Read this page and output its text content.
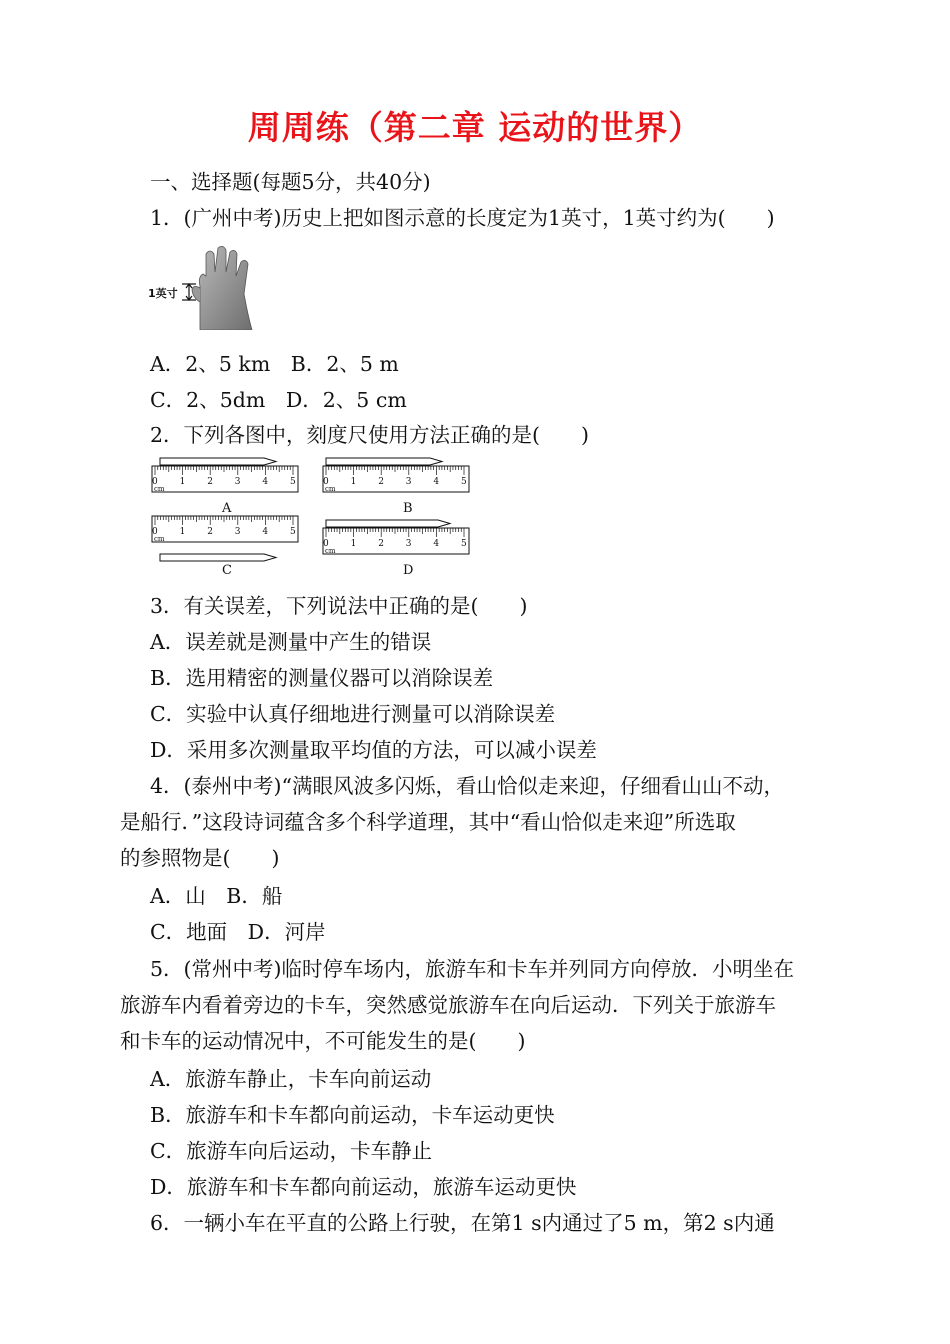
周周练（第二章 运动的世界）
一、选择题(每题5分，共40分)
1．(广州中考)历史上把如图示意的长度定为1英寸，1英寸约为(　　)
1英寸
A．2、5 km　B．2、5 m
C．2、5dm　D．2、5 cm
2．下列各图中，刻度尺使用方法正确的是(　　)
0 1 2 3 4 5
cm
A
0 1 2 3 4 5
cm
B
0 1 2 3 4 5
cm
C
0 1 2 3 4 5
cm
D
3．有关误差，下列说法中正确的是(　　)
A．误差就是测量中产生的错误
B．选用精密的测量仪器可以消除误差
C．实验中认真仔细地进行测量可以消除误差
D．采用多次测量取平均值的方法，可以减小误差
4．(泰州中考)“满眼风波多闪烁，看山恰似走来迎，仔细看山山不动，
是船行．”这段诗词蕴含多个科学道理，其中“看山恰似走来迎”所选取
的参照物是(　　)
A．山　B．船
C．地面　D．河岸
5．(常州中考)临时停车场内，旅游车和卡车并列同方向停放．小明坐在
旅游车内看着旁边的卡车，突然感觉旅游车在向后运动．下列关于旅游车
和卡车的运动情况中，不可能发生的是(　　)
A．旅游车静止，卡车向前运动
B．旅游车和卡车都向前运动，卡车运动更快
C．旅游车向后运动，卡车静止
D．旅游车和卡车都向前运动，旅游车运动更快
6．一辆小车在平直的公路上行驶，在第1 s内通过了5 m，第2 s内通
